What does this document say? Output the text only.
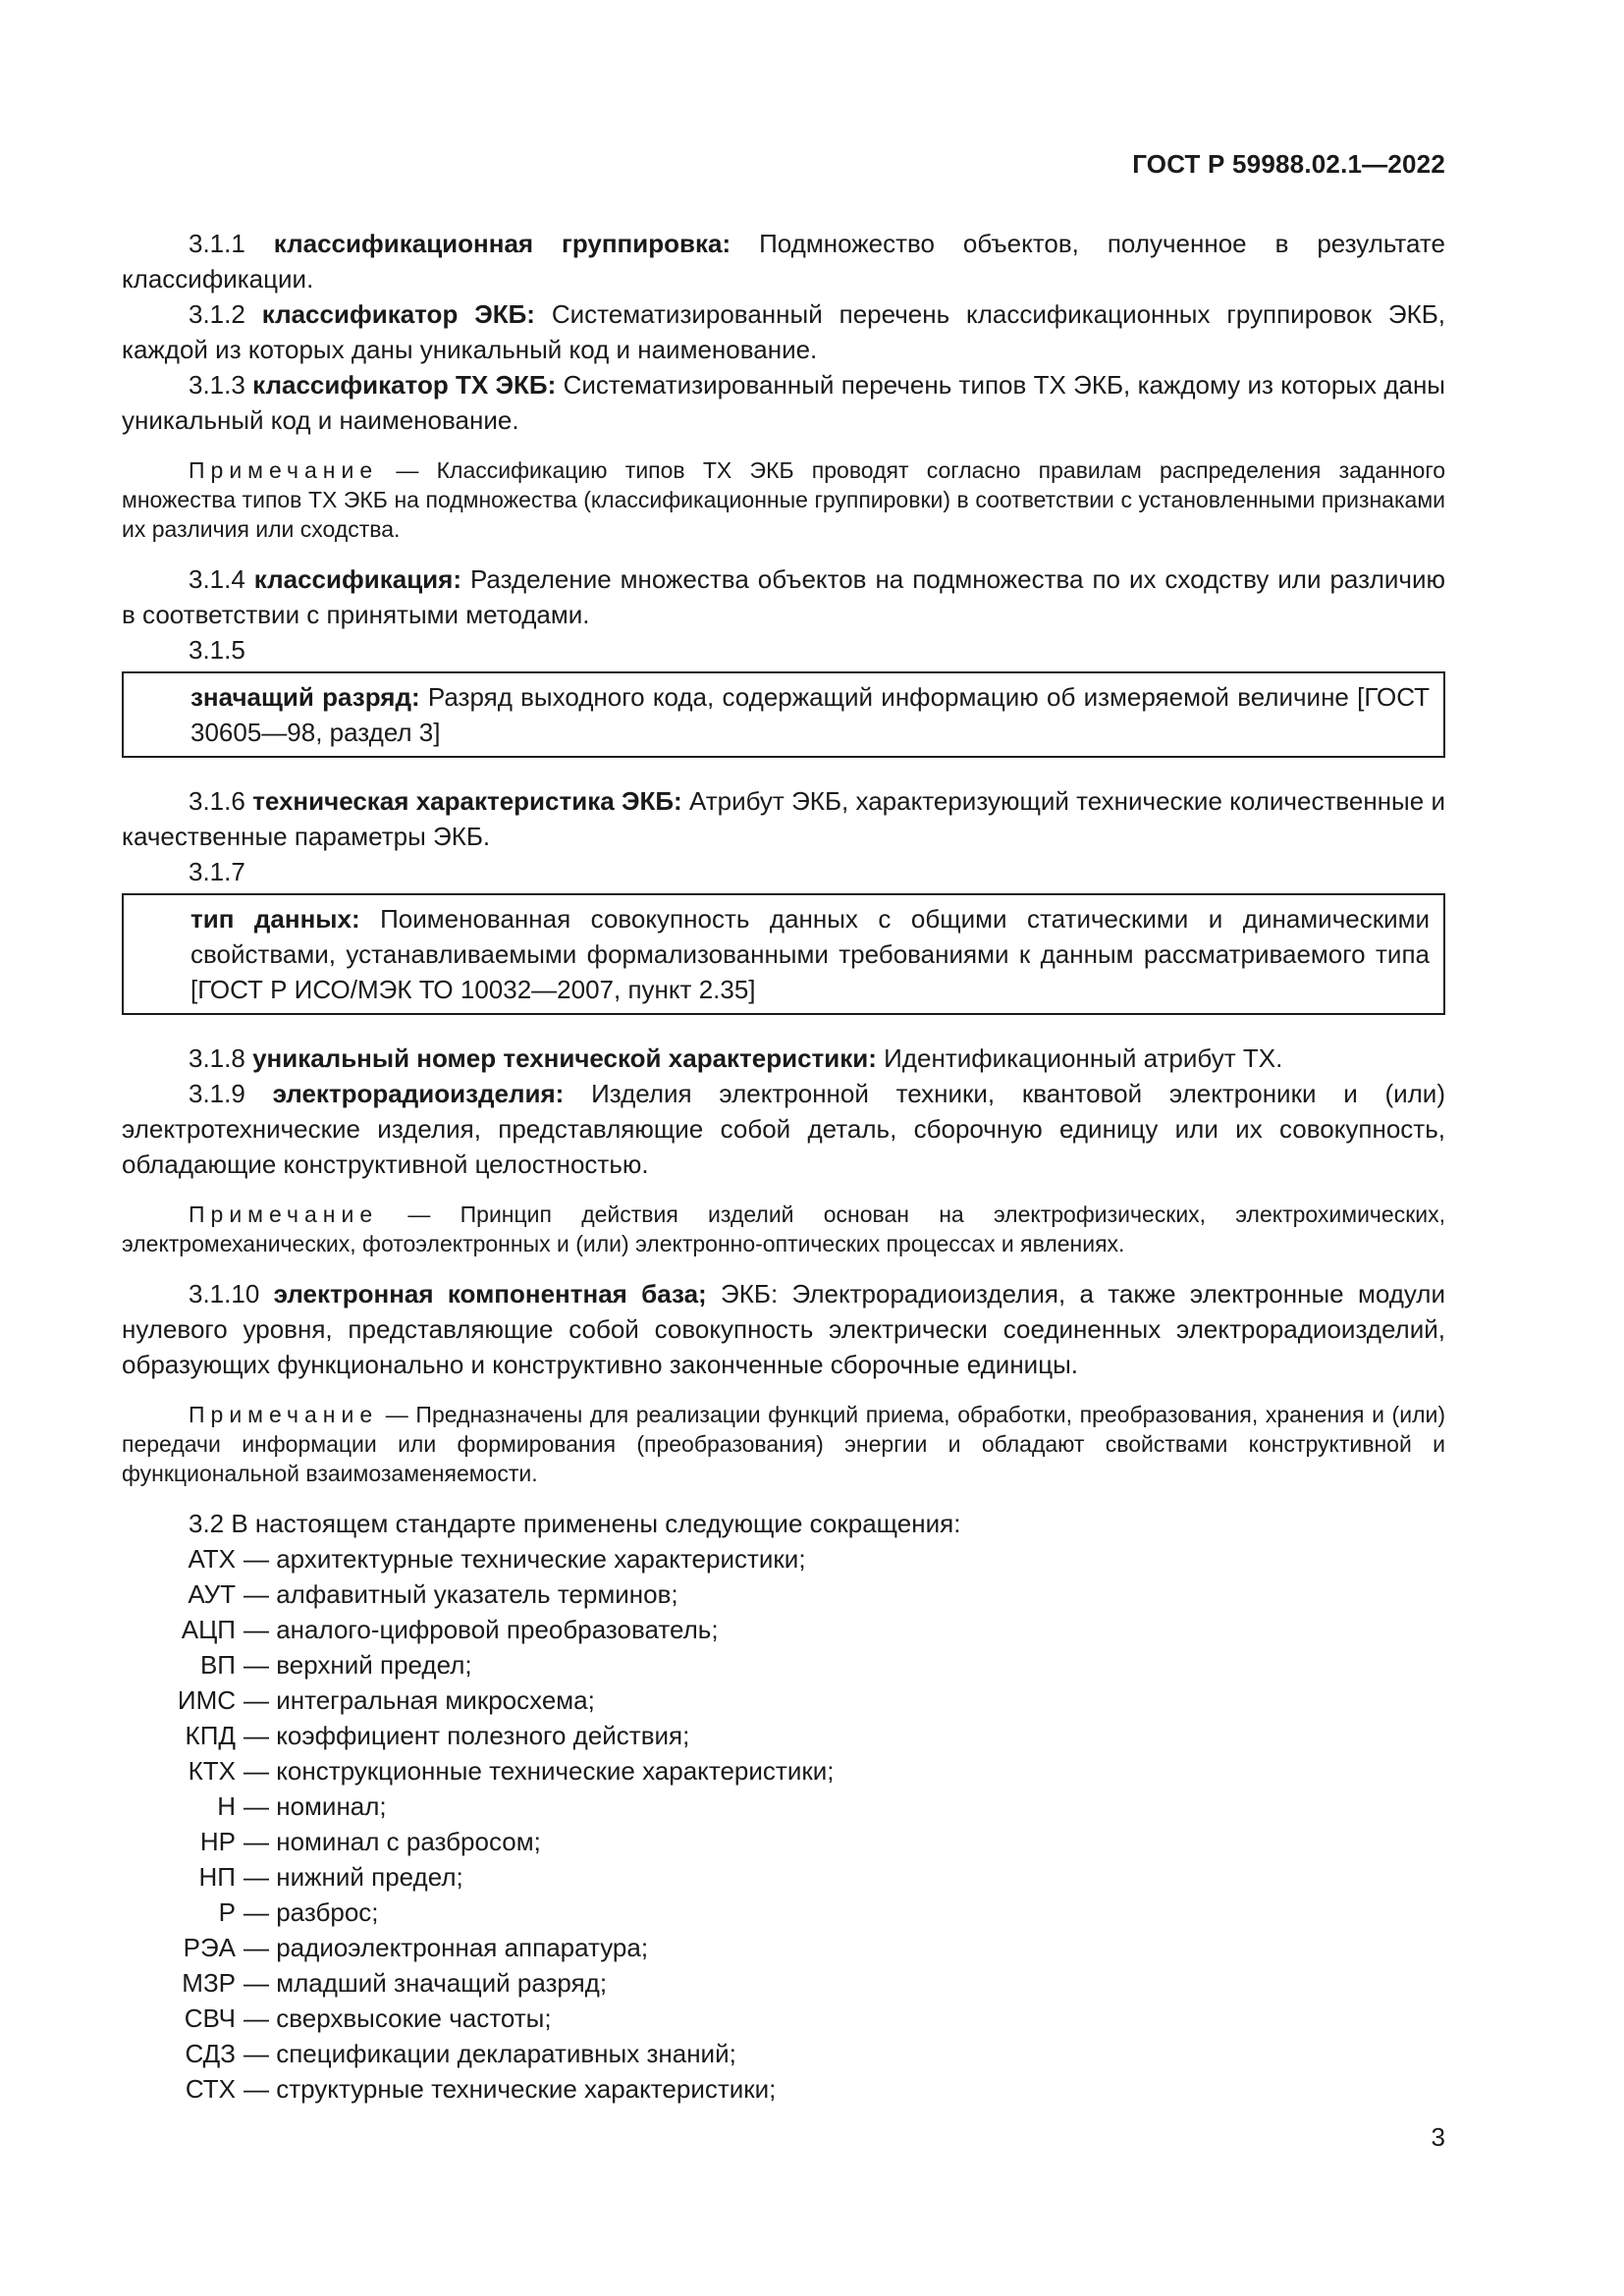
ГОСТ Р 59988.02.1—2022

3.1.1 классификационная группировка: Подмножество объектов, полученное в результате классификации.

3.1.2 классификатор ЭКБ: Систематизированный перечень классификационных группировок ЭКБ, каждой из которых даны уникальный код и наименование.

3.1.3 классификатор ТХ ЭКБ: Систематизированный перечень типов ТХ ЭКБ, каждому из которых даны уникальный код и наименование.

Примечание — Классификацию типов ТХ ЭКБ проводят согласно правилам распределения заданного множества типов ТХ ЭКБ на подмножества (классификационные группировки) в соответствии с установленными признаками их различия или сходства.

3.1.4 классификация: Разделение множества объектов на подмножества по их сходству или различию в соответствии с принятыми методами.

3.1.5

значащий разряд: Разряд выходного кода, содержащий информацию об измеряемой величине [ГОСТ 30605—98, раздел 3]

3.1.6 техническая характеристика ЭКБ: Атрибут ЭКБ, характеризующий технические количественные и качественные параметры ЭКБ.

3.1.7

тип данных: Поименованная совокупность данных с общими статическими и динамическими свойствами, устанавливаемыми формализованными требованиями к данным рассматриваемого типа [ГОСТ Р ИСО/МЭК ТО 10032—2007, пункт 2.35]

3.1.8 уникальный номер технической характеристики: Идентификационный атрибут ТХ.

3.1.9 электрорадиоизделия: Изделия электронной техники, квантовой электроники и (или) электротехнические изделия, представляющие собой деталь, сборочную единицу или их совокупность, обладающие конструктивной целостностью.

Примечание — Принцип действия изделий основан на электрофизических, электрохимических, электромеханических, фотоэлектронных и (или) электронно-оптических процессах и явлениях.

3.1.10 электронная компонентная база; ЭКБ: Электрорадиоизделия, а также электронные модули нулевого уровня, представляющие собой совокупность электрически соединенных электрорадиоизделий, образующих функционально и конструктивно законченные сборочные единицы.

Примечание — Предназначены для реализации функций приема, обработки, преобразования, хранения и (или) передачи информации или формирования (преобразования) энергии и обладают свойствами конструктивной и функциональной взаимозаменяемости.

3.2 В настоящем стандарте применены следующие сокращения:

АТХ — архитектурные технические характеристики;
АУТ — алфавитный указатель терминов;
АЦП — аналого-цифровой преобразователь;
ВП — верхний предел;
ИМС — интегральная микросхема;
КПД — коэффициент полезного действия;
КТХ — конструкционные технические характеристики;
Н — номинал;
НР — номинал с разбросом;
НП — нижний предел;
Р — разброс;
РЭА — радиоэлектронная аппаратура;
МЗР — младший значащий разряд;
СВЧ — сверхвысокие частоты;
СДЗ — спецификации декларативных знаний;
СТХ — структурные технические характеристики;
3
